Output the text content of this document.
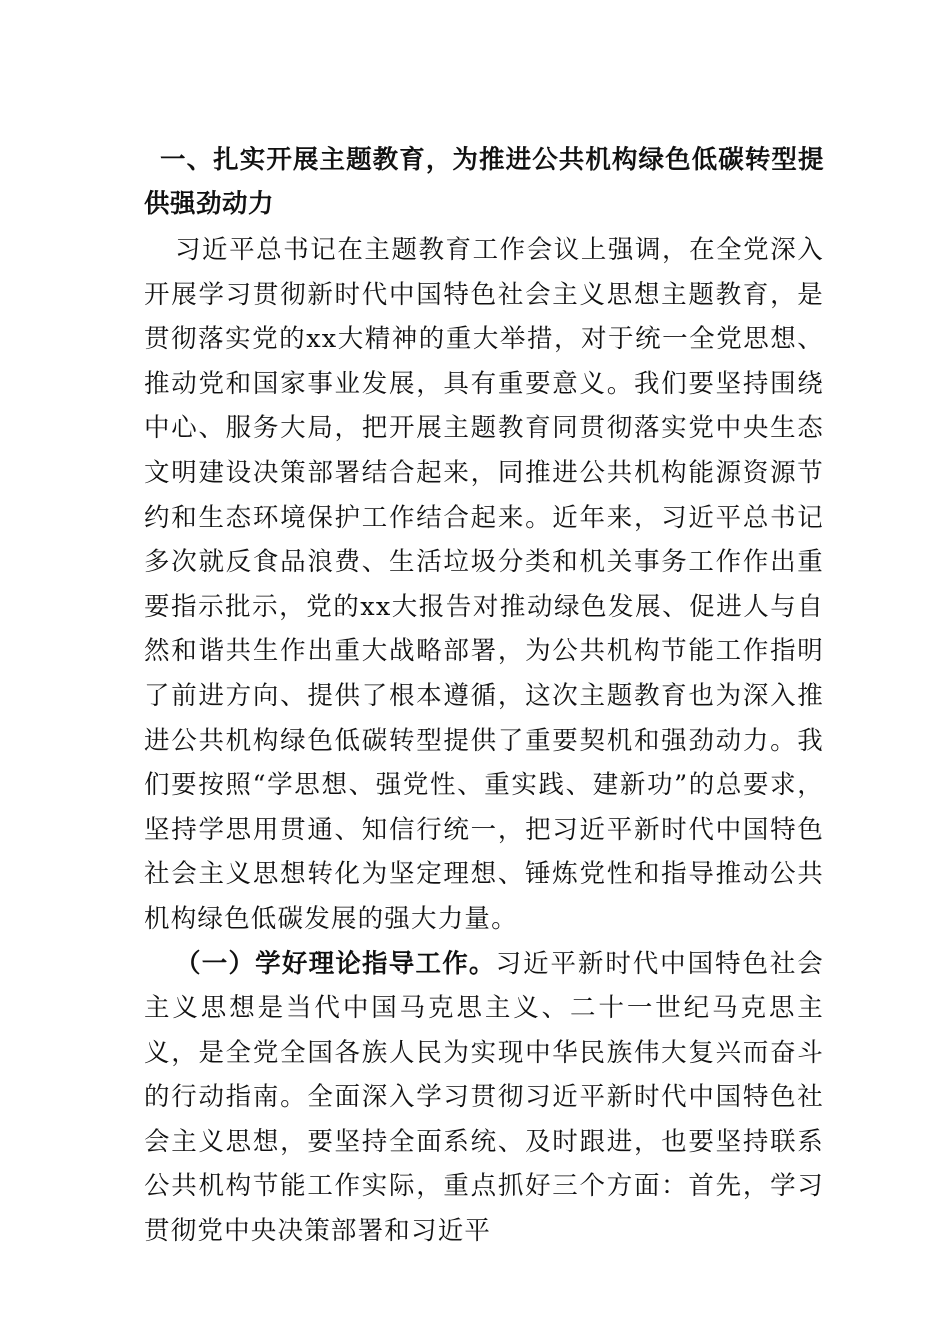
一、扎实开展主题教育，为推进公共机构绿色低碳转型提供强劲动力

习近平总书记在主题教育工作会议上强调，在全党深入开展学习贯彻新时代中国特色社会主义思想主题教育，是贯彻落实党的xx大精神的重大举措，对于统一全党思想、推动党和国家事业发展，具有重要意义。我们要坚持围绕中心、服务大局，把开展主题教育同贯彻落实党中央生态文明建设决策部署结合起来，同推进公共机构能源资源节约和生态环境保护工作结合起来。近年来，习近平总书记多次就反食品浪费、生活垃圾分类和机关事务工作作出重要指示批示，党的xx大报告对推动绿色发展、促进人与自然和谐共生作出重大战略部署，为公共机构节能工作指明了前进方向、提供了根本遵循，这次主题教育也为深入推进公共机构绿色低碳转型提供了重要契机和强劲动力。我们要按照“学思想、强党性、重实践、建新功”的总要求，坚持学思用贯通、知信行统一，把习近平新时代中国特色社会主义思想转化为坚定理想、锤炼党性和指导推动公共机构绿色低碳发展的强大力量。

（一）学好理论指导工作。习近平新时代中国特色社会主义思想是当代中国马克思主义、二十一世纪马克思主义，是全党全国各族人民为实现中华民族伟大复兴而奋斗的行动指南。全面深入学习贯彻习近平新时代中国特色社会主义思想，要坚持全面系统、及时跟进，也要坚持联系公共机构节能工作实际，重点抓好三个方面：首先，学习贯彻党中央决策部署和习近平
